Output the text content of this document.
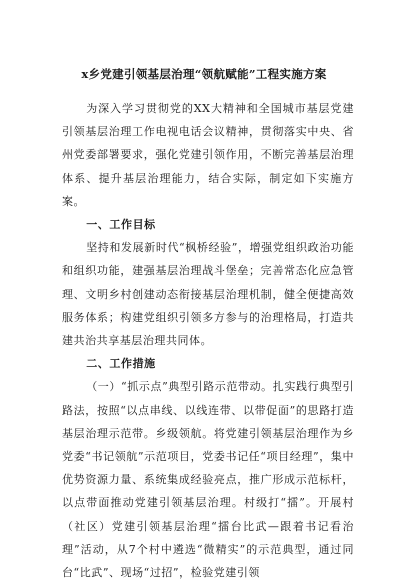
x乡党建引领基层治理“领航赋能”工程实施方案

为深入学习贯彻党的XX大精神和全国城市基层党建引领基层治理工作电视电话会议精神，贯彻落实中央、省州党委部署要求，强化党建引领作用，不断完善基层治理体系、提升基层治理能力，结合实际，制定如下实施方案。

一、工作目标

坚持和发展新时代“枫桥经验”，增强党组织政治功能和组织功能，建强基层治理战斗堡垒；完善常态化应急管理、文明乡村创建动态衔接基层治理机制，健全便捷高效服务体系；构建党组织引领多方参与的治理格局，打造共建共治共享基层治理共同体。

二、工作措施

（一）“抓示点”典型引路示范带动。扎实践行典型引路法，按照“以点串线、以线连带、以带促面”的思路打造基层治理示范带。乡级领航。将党建引领基层治理作为乡党委“书记领航”示范项目，党委书记任“项目经理”，集中优势资源力量、系统集成经验亮点，推广形成示范标杆，以点带面推动党建引领基层治理。村级打“擂”。开展村（社区）党建引领基层治理“擂台比武—跟着书记看治理”活动，从7个村中遴选“微精实”的示范典型，通过同台“比武”、现场“过招”，检验党建引领
